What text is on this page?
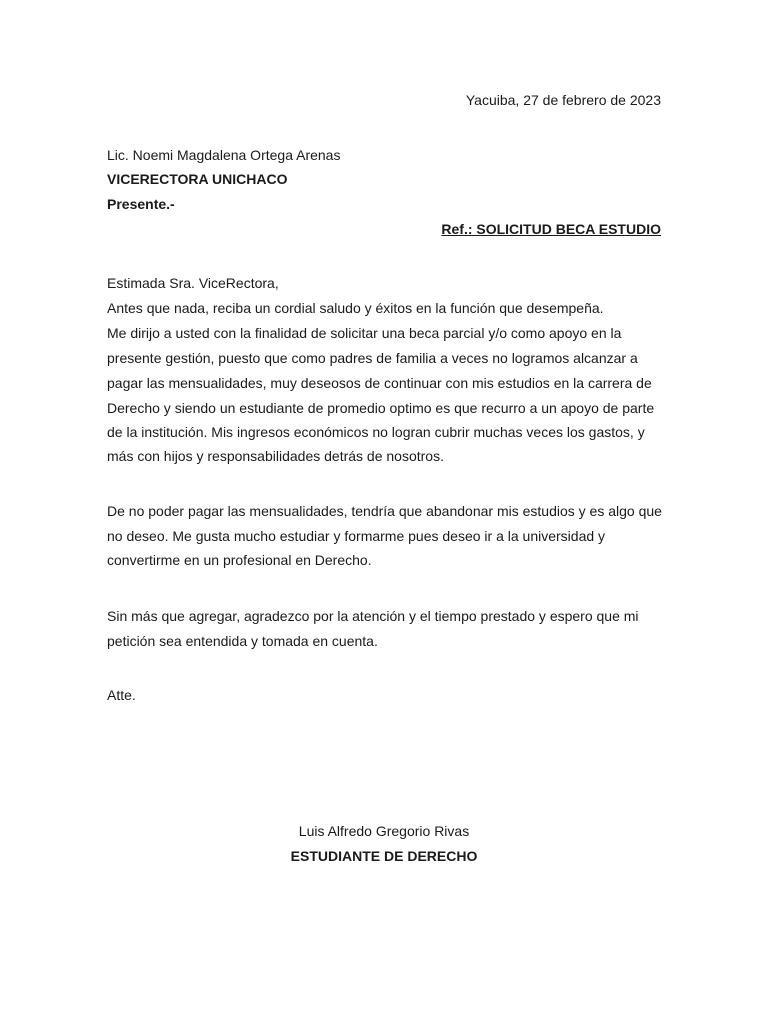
Yacuiba, 27 de febrero de 2023
Lic. Noemi Magdalena Ortega Arenas
VICERECTORA UNICHACO
Presente.-
Ref.: SOLICITUD BECA ESTUDIO
Estimada Sra. ViceRectora,
Antes que nada, reciba un cordial saludo y éxitos en la función que desempeña.
Me dirijo a usted con la finalidad de solicitar una beca parcial y/o como apoyo en la
presente gestión, puesto que como padres de familia a veces no logramos alcanzar a
pagar las mensualidades, muy deseosos de continuar con mis estudios en la carrera de
Derecho y siendo un estudiante de promedio optimo es que recurro a un apoyo de parte
de la institución. Mis ingresos económicos no logran cubrir muchas veces los gastos, y
más con hijos y responsabilidades detrás de nosotros.
De no poder pagar las mensualidades, tendría que abandonar mis estudios y es algo que
no deseo. Me gusta mucho estudiar y formarme pues deseo ir a la universidad y
convertirme en un profesional en Derecho.
Sin más que agregar, agradezco por la atención y el tiempo prestado y espero que mi
petición sea entendida y tomada en cuenta.
Atte.
Luis Alfredo Gregorio Rivas
ESTUDIANTE DE DERECHO
